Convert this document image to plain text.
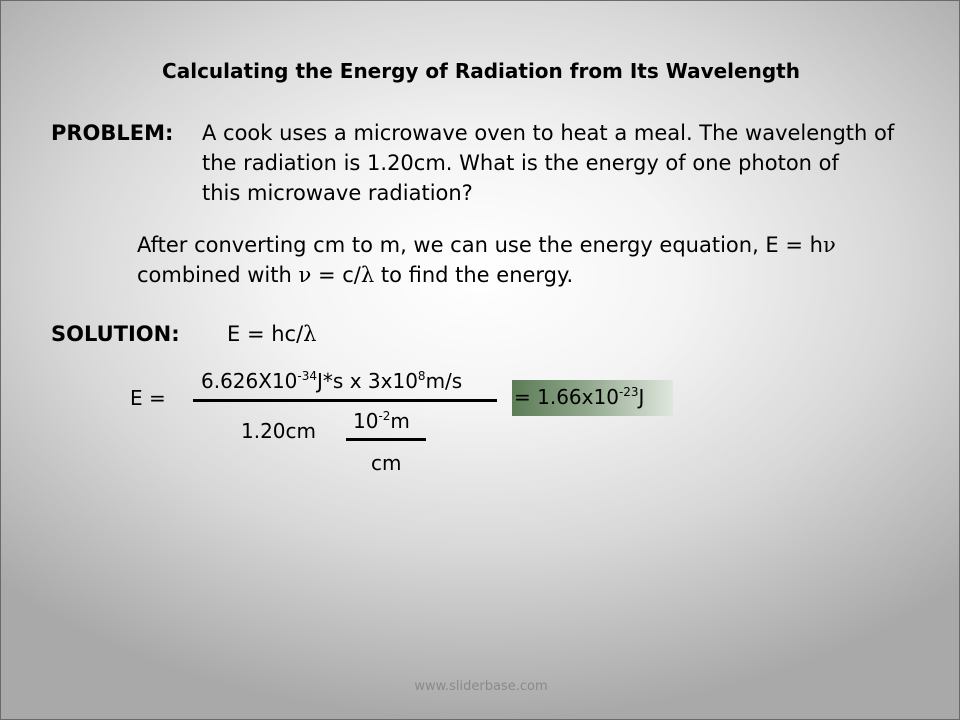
Calculating the Energy of Radiation from Its Wavelength
PROBLEM: A cook uses a microwave oven to heat a meal. The wavelength of
the radiation is 1.20cm. What is the energy of one photon of
this microwave radiation?
After converting cm to m, we can use the energy equation, E = hν
combined with ν = c/λ to find the energy.
SOLUTION: E = hc/λ
E =
$6.626X10^{-34}J*s$ x $3x10^8m/s$
1.20cm $10^{-2}m$
cm
= $1.66x10^{-23}J$
www.sliderbase.com
